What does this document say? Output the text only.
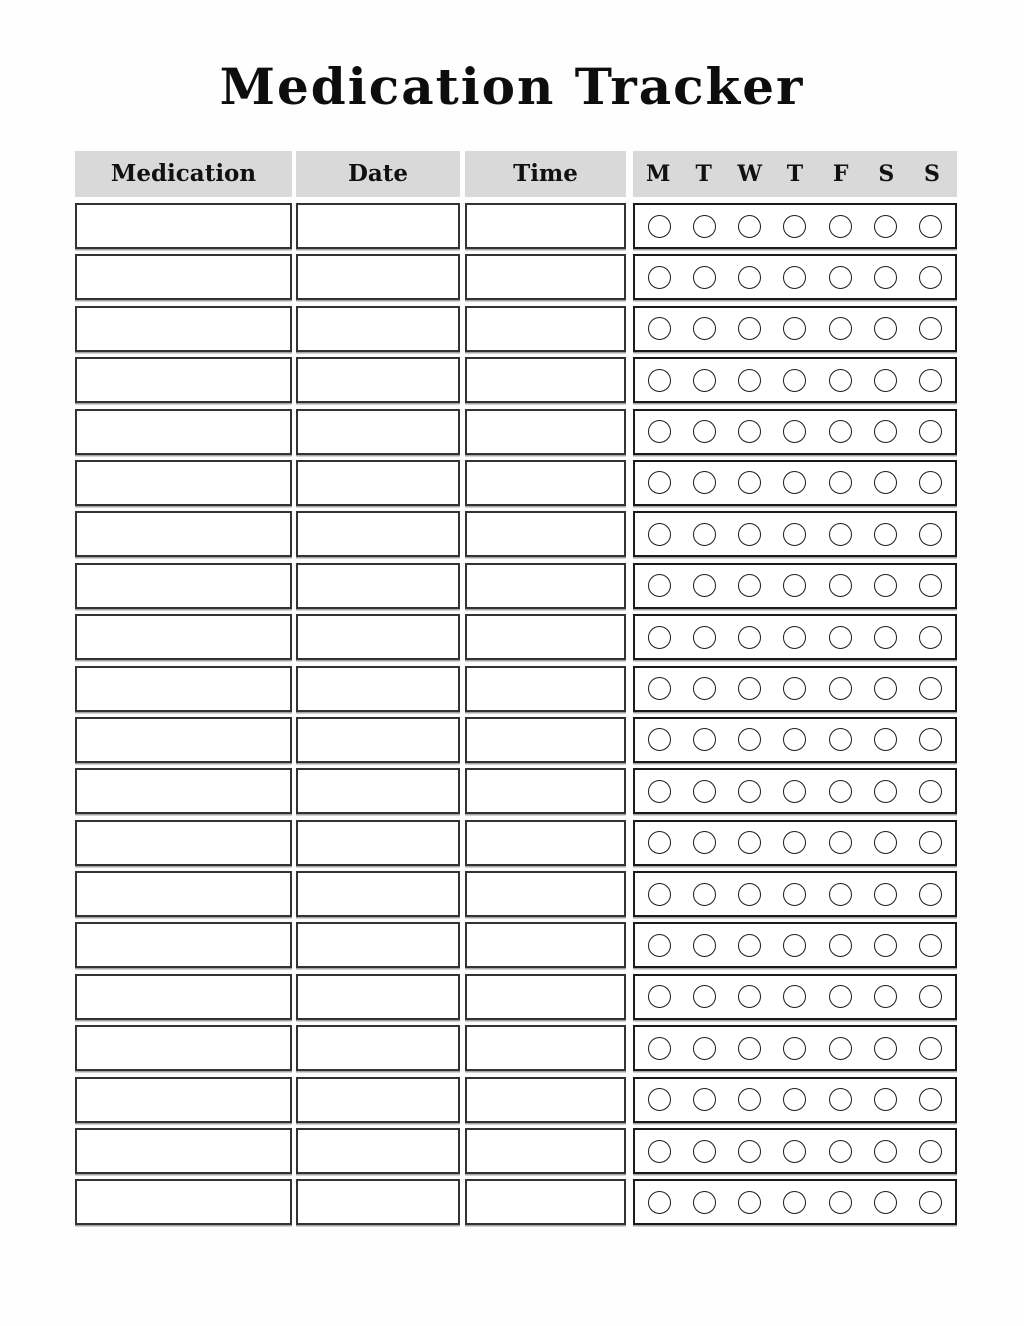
Medication Tracker
Medication	Date	Time	M T W T F S S
